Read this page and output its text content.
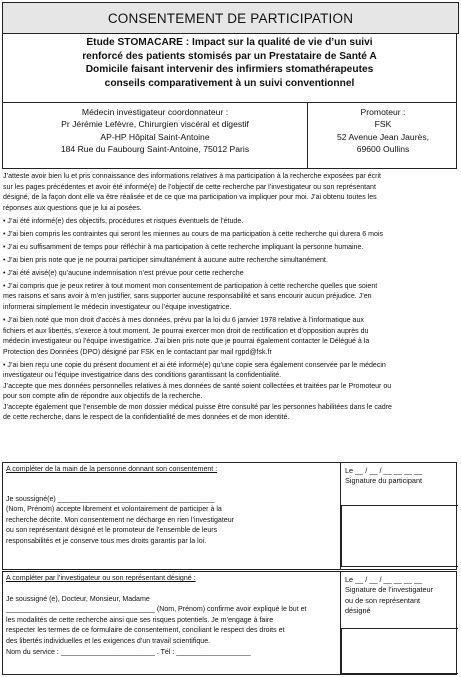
CONSENTEMENT DE PARTICIPATION
Etude STOMACARE : Impact sur la qualité de vie d’un suivi
renforcé des patients stomisés par un Prestataire de Santé A
Domicile faisant intervenir des infirmiers stomathérapeutes
conseils comparativement à un suivi conventionnel
Médecin investigateur coordonnateur :
Pr Jérémie Lefèvre, Chirurgien viscéral et digestif
AP-HP Hôpital Saint-Antoine
184 Rue du Faubourg Saint-Antoine, 75012 Paris
Promoteur :
FSK
52 Avenue Jean Jaurès,
69600 Oullins

J’atteste avoir bien lu et pris connaissance des informations relatives à ma participation à la recherche exposées par écrit
sur les pages précédentes et avoir été informé(e) de l’objectif de cette recherche par l’investigateur ou son représentant
désigné, de la façon dont elle va être réalisée et de ce que ma participation va impliquer pour moi. J’ai obtenu toutes les
réponses aux questions que je lui ai posées.

• J’ai été informé(e) des objectifs, procédures et risques éventuels de l’étude.

• J’ai bien compris les contraintes qui seront les miennes au cours de ma participation à cette recherche qui durera 6 mois

• J’ai eu suffisamment de temps pour réfléchir à ma participation à cette recherche impliquant la personne humaine.

• J’ai bien pris note que je ne pourrai participer simultanément à aucune autre recherche simultanément.

• J’ai été avisé(e) qu’aucune indemnisation n’est prévue pour cette recherche

• J’ai compris que je peux retirer à tout moment mon consentement de participation à cette recherche quelles que soient
mes raisons et sans avoir à m’en justifier, sans supporter aucune responsabilité et sans encourir aucun préjudice. J’en
informerai simplement le médecin investigateur ou l’équipe investigatrice.

• J’ai bien noté que mon droit d’accès à mes données, prévu par la loi du 6 janvier 1978 relative à l’informatique aux
fichiers et aux libertés, s’exerce à tout moment. Je pourrai exercer mon droit de rectification et d’opposition auprès du
médecin investigateur ou l’équipe investigatrice. J’ai bien pris note que je pourrai également contacter le Délégué à la
Protection des Données (DPO) désigné par FSK en le contactant par mail rgpd@fsk.fr

• J’ai bien reçu une copie du présent document et ai été informé(e) qu’une copie sera également conservée par le médecin
investigateur ou l’équipe investigatrice dans des conditions garantissant la confidentialité.

J’accepte que mes données personnelles relatives à mes données de santé soient collectées et traitées par le Promoteur ou
pour son compte afin de répondre aux objectifs de la recherche.

J’accepte également que l’ensemble de mon dossier médical puisse être consulté par les personnes habilitées dans le cadre
de cette recherche, dans le respect de la confidentialité de mes données et de mon identité.

A compléter de la main de la personne donnant son consentement :
Je soussigné(e) ________________________________________
(Nom, Prénom) accepte librement et volontairement de participer à la
recherche décrite. Mon consentement ne décharge en rien l’investigateur
ou son représentant désigné et le promoteur de l’ensemble de leurs
responsabilités et je conserve tous mes droits garantis par la loi.
Le __ / __ / __ __ __ __
Signature du participant
A compléter par l’investigateur ou son représentant désigné :
Je soussigné (e), Docteur, Monsieur, Madame
______________________________________ (Nom, Prénom) confirme avoir expliqué le but et
les modalités de cette recherche ainsi que ses risques potentiels. Je m’engage à faire
respecter les termes de ce formulaire de consentement, conciliant le respect des droits et
des libertés individuelles et les exigences d’un travail scientifique.
Nom du service : ________________________ . Tél : ___________________
Le __ / __ / __ __ __ __
Signature de l’investigateur
ou de son représentant
désigné
